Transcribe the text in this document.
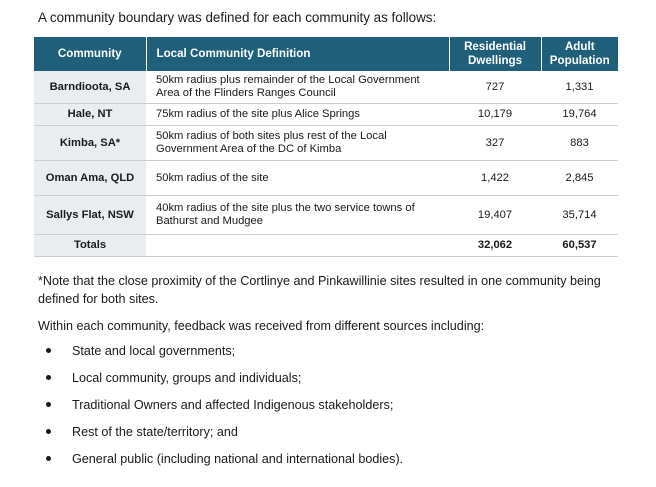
A community boundary was defined for each community as follows:
Community	Local Community Definition	Residential Dwellings	Adult Population
Barndioota, SA	50km radius plus remainder of the Local Government Area of the Flinders Ranges Council	727	1,331
Hale, NT	75km radius of the site plus Alice Springs	10,179	19,764
Kimba, SA*	50km radius of both sites plus rest of the Local Government Area of the DC of Kimba	327	883
Oman Ama, QLD	50km radius of the site	1,422	2,845
Sallys Flat, NSW	40km radius of the site plus the two service towns of Bathurst and Mudgee	19,407	35,714
Totals		32,062	60,537
*Note that the close proximity of the Cortlinye and Pinkawillinie sites resulted in one community being defined for both sites.
Within each community, feedback was received from different sources including:
State and local governments;
Local community, groups and individuals;
Traditional Owners and affected Indigenous stakeholders;
Rest of the state/territory; and
General public (including national and international bodies).
